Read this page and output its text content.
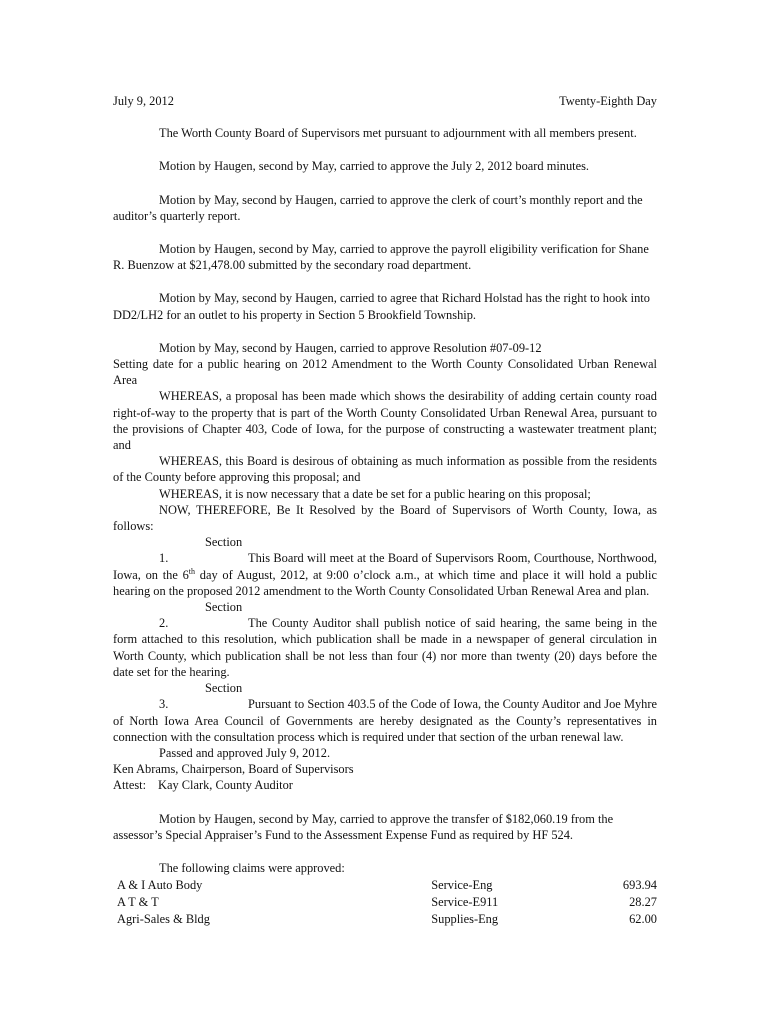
July 9, 2012	Twenty-Eighth Day

The Worth County Board of Supervisors met pursuant to adjournment with all members present.

Motion by Haugen, second by May, carried to approve the July 2, 2012 board minutes.

Motion by May, second by Haugen, carried to approve the clerk of court’s monthly report and the auditor’s quarterly report.

Motion by Haugen, second by May, carried to approve the payroll eligibility verification for Shane R. Buenzow at $21,478.00 submitted by the secondary road department.

Motion by May, second by Haugen, carried to agree that Richard Holstad has the right to hook into DD2/LH2 for an outlet to his property in Section 5 Brookfield Township.

Motion by May, second by Haugen, carried to approve Resolution #07-09-12

Setting date for a public hearing on 2012 Amendment to the Worth County Consolidated Urban Renewal Area

WHEREAS, a proposal has been made which shows the desirability of adding certain county road right-of-way to the property that is part of the Worth County Consolidated Urban Renewal Area, pursuant to the provisions of Chapter 403, Code of Iowa, for the purpose of constructing a wastewater treatment plant; and

WHEREAS, this Board is desirous of obtaining as much information as possible from the residents of the County before approving this proposal; and

WHEREAS, it is now necessary that a date be set for a public hearing on this proposal;

NOW, THEREFORE, Be It Resolved by the Board of Supervisors of Worth County, Iowa, as follows:

Section 1.	This Board will meet at the Board of Supervisors Room, Courthouse, Northwood, Iowa, on the 6th day of August, 2012, at 9:00 o’clock a.m., at which time and place it will hold a public hearing on the proposed 2012 amendment to the Worth County Consolidated Urban Renewal Area and plan.

Section 2.	The County Auditor shall publish notice of said hearing, the same being in the form attached to this resolution, which publication shall be made in a newspaper of general circulation in Worth County, which publication shall be not less than four (4) nor more than twenty (20) days before the date set for the hearing.

Section 3.	Pursuant to Section 403.5 of the Code of Iowa, the County Auditor and Joe Myhre of North Iowa Area Council of Governments are hereby designated as the County’s representatives in connection with the consultation process which is required under that section of the urban renewal law.

Passed and approved July 9, 2012.

Ken Abrams, Chairperson, Board of Supervisors

Attest: Kay Clark, County Auditor

Motion by Haugen, second by May, carried to approve the transfer of $182,060.19 from the assessor’s Special Appraiser’s Fund to the Assessment Expense Fund as required by HF 524.

The following claims were approved:

A & I Auto Body	Service-Eng	693.94
A T & T	Service-E911	28.27
Agri-Sales & Bldg	Supplies-Eng	62.00
